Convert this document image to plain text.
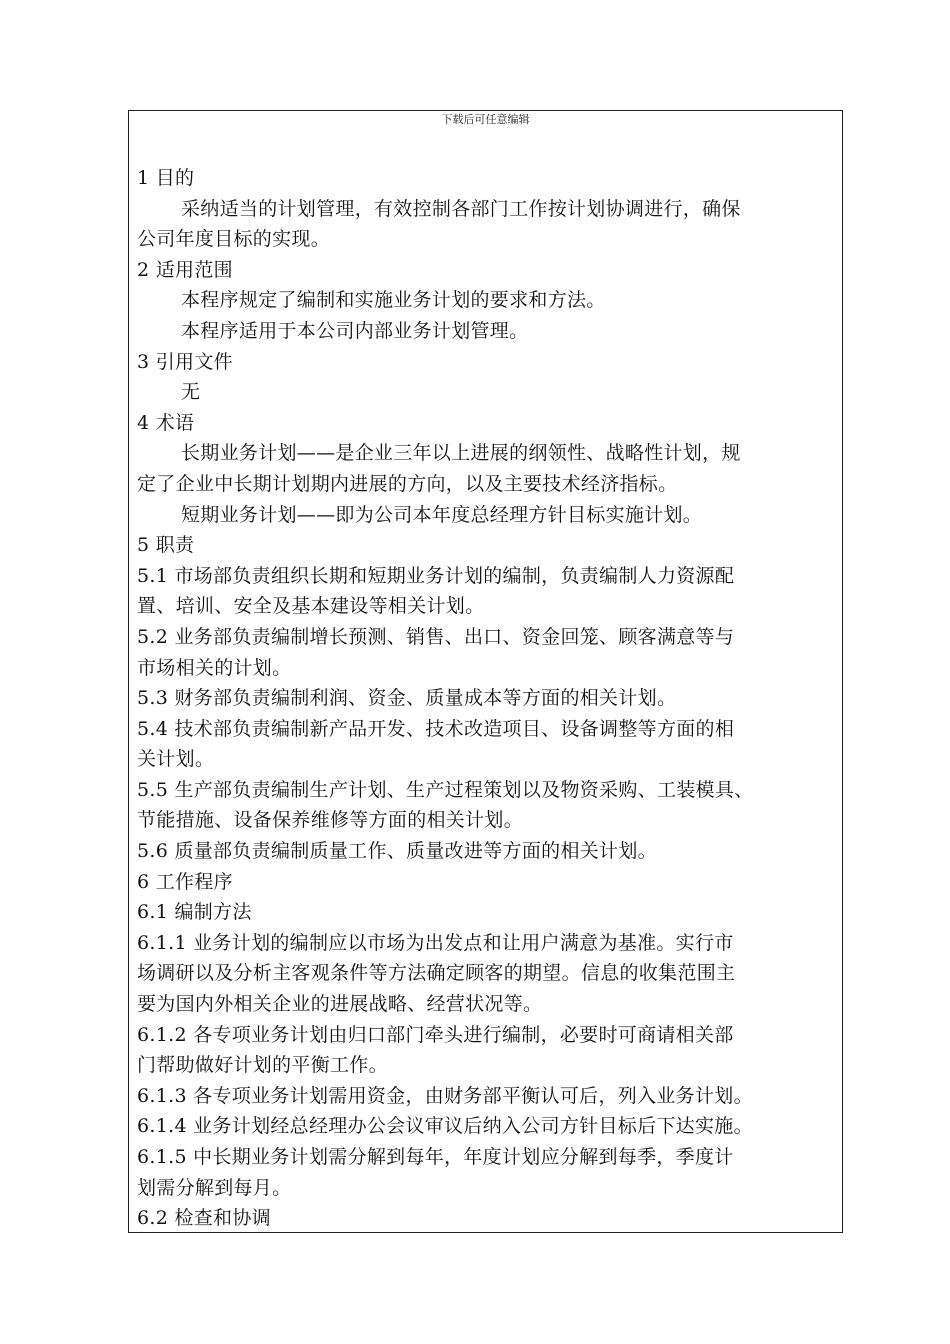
下载后可任意编辑
1 目的
采纳适当的计划管理，有效控制各部门工作按计划协调进行，确保
公司年度目标的实现。
2 适用范围
本程序规定了编制和实施业务计划的要求和方法。
本程序适用于本公司内部业务计划管理。
3 引用文件
无
4 术语
长期业务计划——是企业三年以上进展的纲领性、战略性计划，规
定了企业中长期计划期内进展的方向，以及主要技术经济指标。
短期业务计划——即为公司本年度总经理方针目标实施计划。
5 职责
5.1 市场部负责组织长期和短期业务计划的编制，负责编制人力资源配
置、培训、安全及基本建设等相关计划。
5.2 业务部负责编制增长预测、销售、出口、资金回笼、顾客满意等与
市场相关的计划。
5.3 财务部负责编制利润、资金、质量成本等方面的相关计划。
5.4 技术部负责编制新产品开发、技术改造项目、设备调整等方面的相
关计划。
5.5 生产部负责编制生产计划、生产过程策划以及物资采购、工装模具、
节能措施、设备保养维修等方面的相关计划。
5.6 质量部负责编制质量工作、质量改进等方面的相关计划。
6 工作程序
6.1 编制方法
6.1.1 业务计划的编制应以市场为出发点和让用户满意为基准。实行市
场调研以及分析主客观条件等方法确定顾客的期望。信息的收集范围主
要为国内外相关企业的进展战略、经营状况等。
6.1.2 各专项业务计划由归口部门牵头进行编制，必要时可商请相关部
门帮助做好计划的平衡工作。
6.1.3 各专项业务计划需用资金，由财务部平衡认可后，列入业务计划。
6.1.4 业务计划经总经理办公会议审议后纳入公司方针目标后下达实施。
6.1.5 中长期业务计划需分解到每年，年度计划应分解到每季，季度计
划需分解到每月。
6.2 检查和协调
